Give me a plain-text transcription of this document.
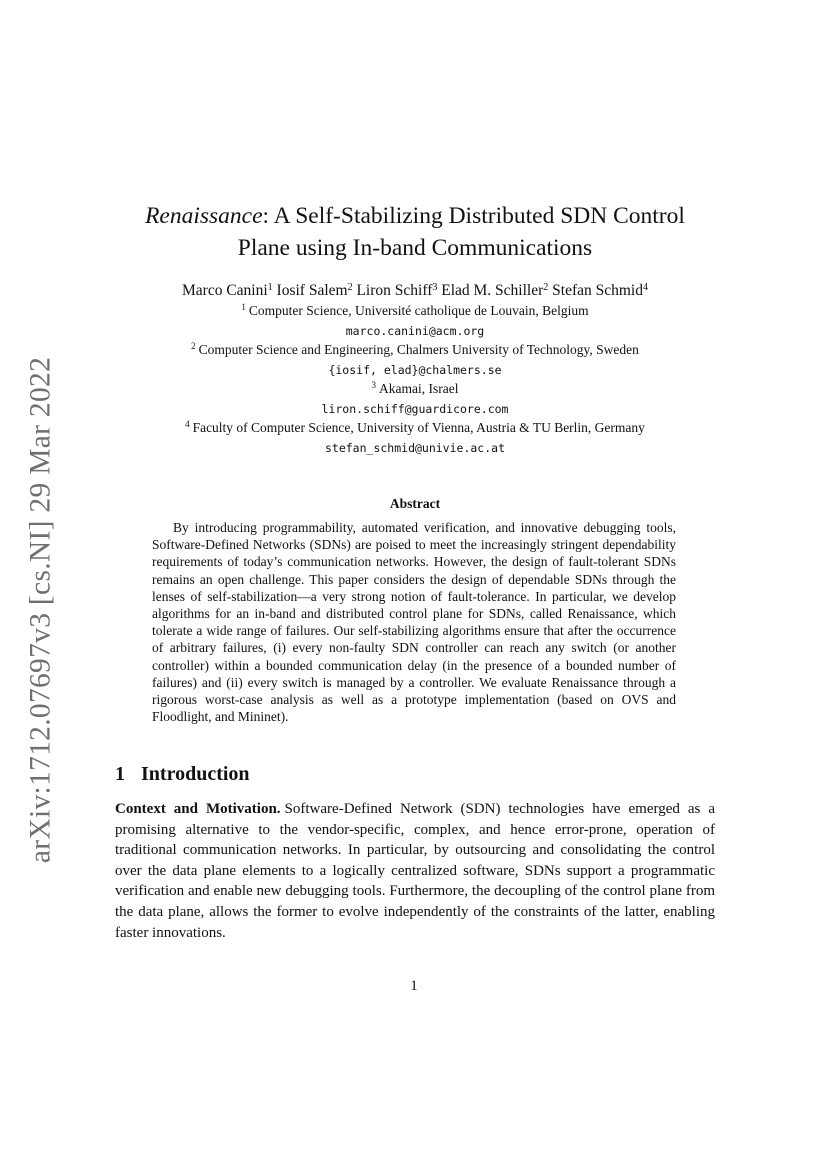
arXiv:1712.07697v3 [cs.NI] 29 Mar 2022
Renaissance: A Self-Stabilizing Distributed SDN Control
Plane using In-band Communications
Marco Canini$^1$ Iosif Salem$^2$ Liron Schiff$^3$ Elad M. Schiller$^2$ Stefan Schmid$^4$
$^1$ Computer Science, Université catholique de Louvain, Belgium
marco.canini@acm.org
$^2$ Computer Science and Engineering, Chalmers University of Technology, Sweden
{iosif, elad}@chalmers.se
$^3$ Akamai, Israel
liron.schiff@guardicore.com
$^4$ Faculty of Computer Science, University of Vienna, Austria & TU Berlin, Germany
stefan_schmid@univie.ac.at
Abstract

By introducing programmability, automated verification, and innovative debugging tools, Software-Defined Networks (SDNs) are poised to meet the increasingly stringent dependability requirements of today’s communication networks. However, the design of fault-tolerant SDNs remains an open challenge. This paper considers the design of dependable SDNs through the lenses of self-stabilization—a very strong notion of fault-tolerance. In particular, we develop algorithms for an in-band and distributed control plane for SDNs, called Renaissance, which tolerate a wide range of failures. Our self-stabilizing algorithms ensure that after the occurrence of arbitrary failures, (i) every non-faulty SDN controller can reach any switch (or another controller) within a bounded communication delay (in the presence of a bounded number of failures) and (ii) every switch is managed by a controller. We evaluate Renaissance through a rigorous worst-case analysis as well as a prototype implementation (based on OVS and Floodlight, and Mininet).

1 Introduction

Context and Motivation. Software-Defined Network (SDN) technologies have emerged as a promising alternative to the vendor-specific, complex, and hence error-prone, operation of traditional communication networks. In particular, by outsourcing and consolidating the control over the data plane elements to a logically centralized software, SDNs support a programmatic verification and enable new debugging tools. Furthermore, the decoupling of the control plane from the data plane, allows the former to evolve independently of the constraints of the latter, enabling faster innovations.

1
